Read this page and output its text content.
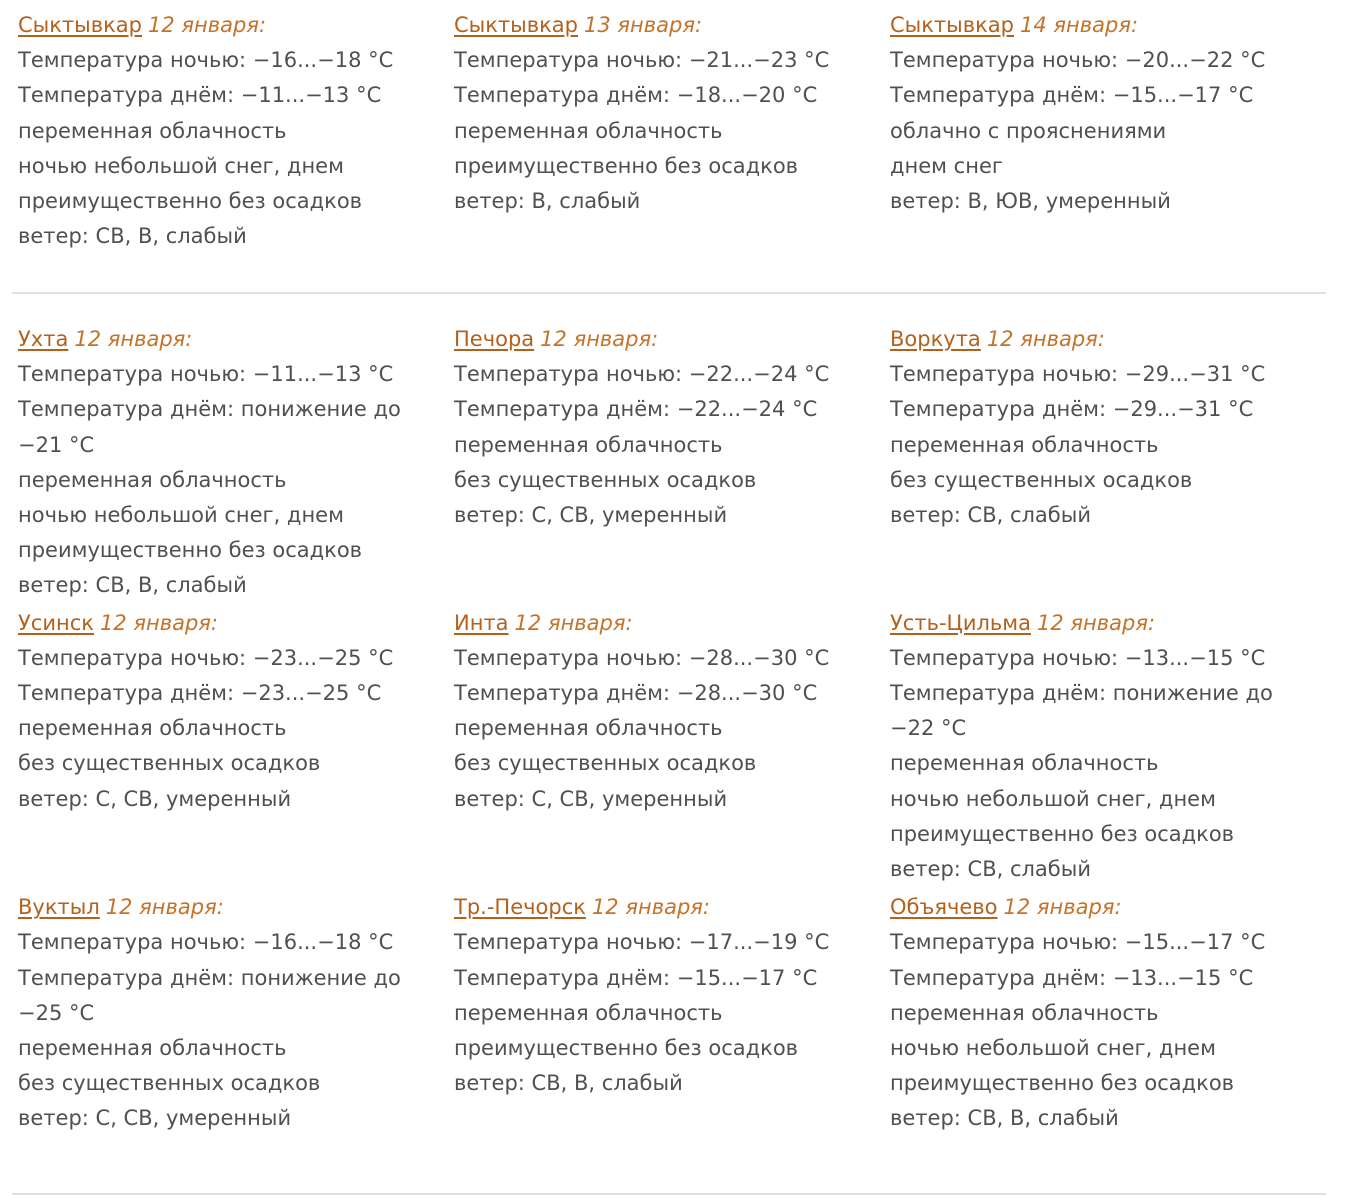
Сыктывкар 12 января:
Температура ночью: −16...−18 °С
Температура днём: −11...−13 °С
переменная облачность
ночью небольшой снег, днем преимущественно без осадков
ветер: СВ, В, слабый
Сыктывкар 13 января:
Температура ночью: −21...−23 °С
Температура днём: −18...−20 °С
переменная облачность
преимущественно без осадков
ветер: В, слабый
Сыктывкар 14 января:
Температура ночью: −20...−22 °С
Температура днём: −15...−17 °С
облачно с прояснениями
днем снег
ветер: В, ЮВ, умеренный
Ухта 12 января:
Температура ночью: −11...−13 °С
Температура днём: понижение до −21 °С
переменная облачность
ночью небольшой снег, днем преимущественно без осадков
ветер: СВ, В, слабый
Печора 12 января:
Температура ночью: −22...−24 °С
Температура днём: −22...−24 °С
переменная облачность
без существенных осадков
ветер: С, СВ, умеренный
Воркута 12 января:
Температура ночью: −29...−31 °С
Температура днём: −29...−31 °С
переменная облачность
без существенных осадков
ветер: СВ, слабый
Усинск 12 января:
Температура ночью: −23...−25 °С
Температура днём: −23...−25 °С
переменная облачность
без существенных осадков
ветер: С, СВ, умеренный
Инта 12 января:
Температура ночью: −28...−30 °С
Температура днём: −28...−30 °С
переменная облачность
без существенных осадков
ветер: С, СВ, умеренный
Усть-Цильма 12 января:
Температура ночью: −13...−15 °С
Температура днём: понижение до −22 °С
переменная облачность
ночью небольшой снег, днем преимущественно без осадков
ветер: СВ, слабый
Вуктыл 12 января:
Температура ночью: −16...−18 °С
Температура днём: понижение до −25 °С
переменная облачность
без существенных осадков
ветер: С, СВ, умеренный
Тр.-Печорск 12 января:
Температура ночью: −17...−19 °С
Температура днём: −15...−17 °С
переменная облачность
преимущественно без осадков
ветер: СВ, В, слабый
Объячево 12 января:
Температура ночью: −15...−17 °С
Температура днём: −13...−15 °С
переменная облачность
ночью небольшой снег, днем преимущественно без осадков
ветер: СВ, В, слабый
